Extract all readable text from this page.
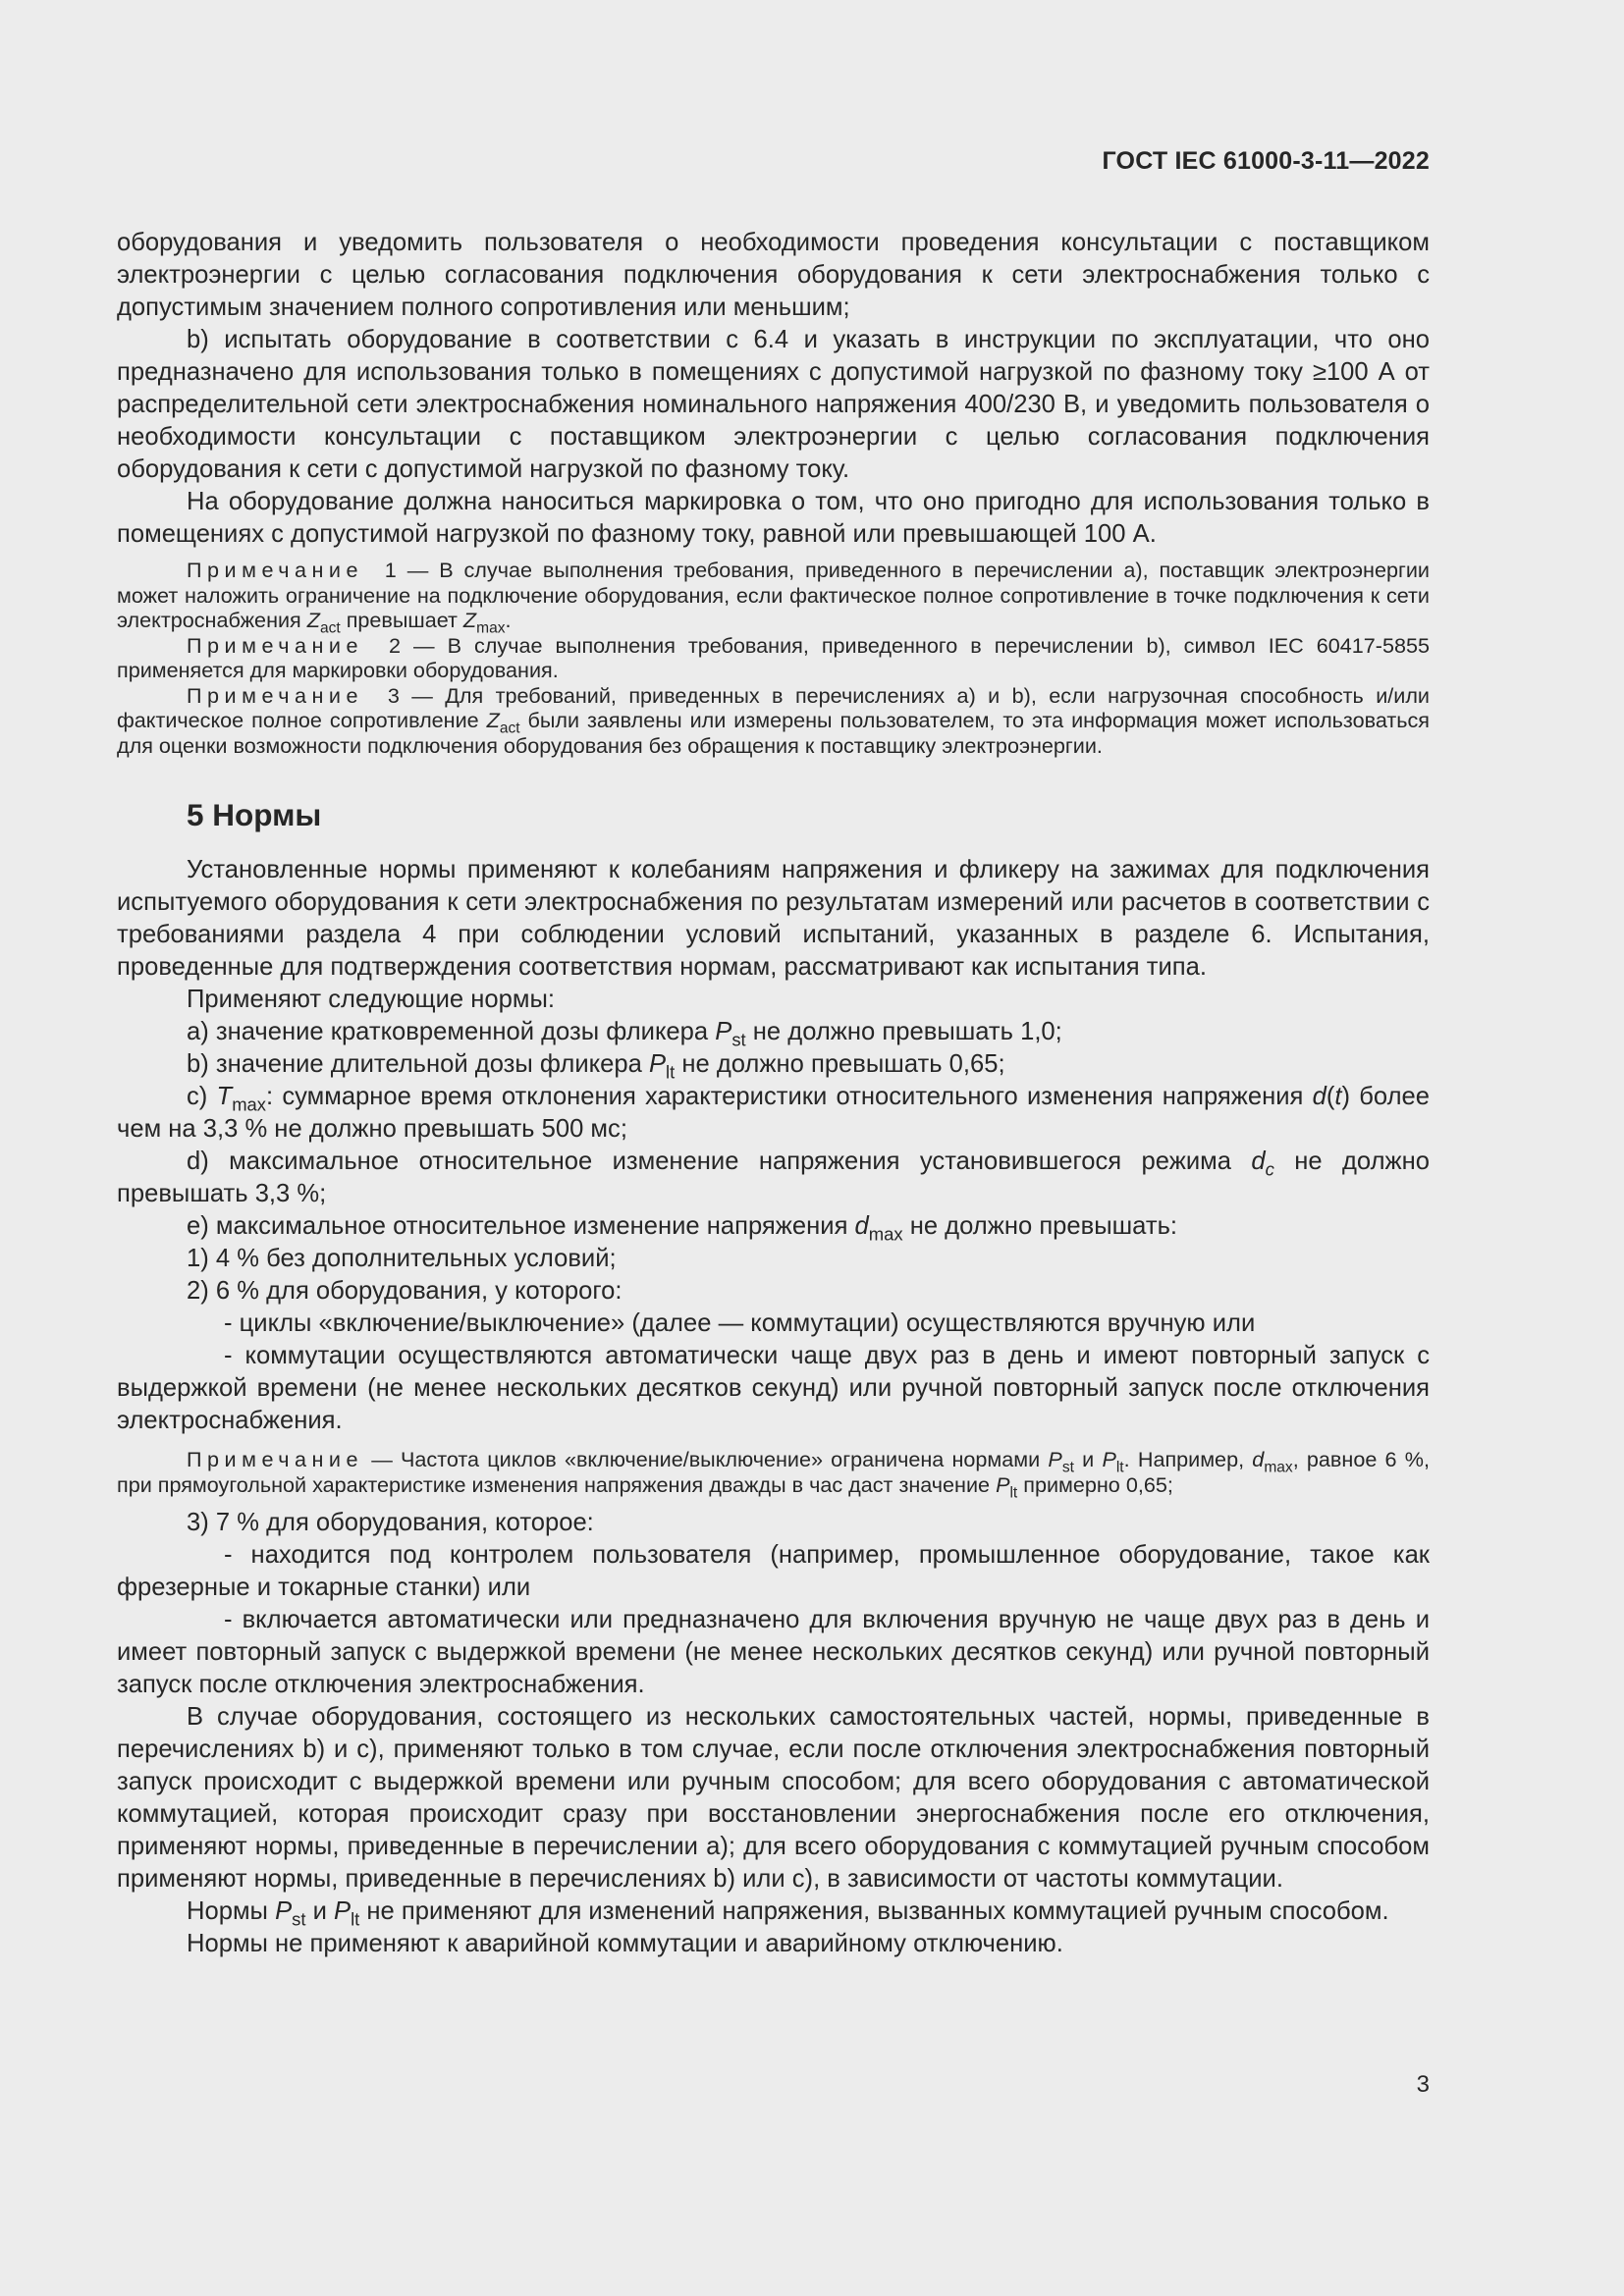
ГОСТ IEC 61000-3-11—2022

оборудования и уведомить пользователя о необходимости проведения консультации с поставщиком электроэнергии с целью согласования подключения оборудования к сети электроснабжения только с допустимым значением полного сопротивления или меньшим;

b) испытать оборудование в соответствии с 6.4 и указать в инструкции по эксплуатации, что оно предназначено для использования только в помещениях с допустимой нагрузкой по фазному току ≥100 А от распределительной сети электроснабжения номинального напряжения 400/230 В, и уведомить пользователя о необходимости консультации с поставщиком электроэнергии с целью согласования подключения оборудования к сети с допустимой нагрузкой по фазному току.

На оборудование должна наноситься маркировка о том, что оно пригодно для использования только в помещениях с допустимой нагрузкой по фазному току, равной или превышающей 100 А.

Примечание 1 — В случае выполнения требования, приведенного в перечислении а), поставщик электроэнергии может наложить ограничение на подключение оборудования, если фактическое полное сопротивление в точке подключения к сети электроснабжения $Z_{act}$ превышает $Z_{max}$.

Примечание 2 — В случае выполнения требования, приведенного в перечислении b), символ IEC 60417-5855 применяется для маркировки оборудования.

Примечание 3 — Для требований, приведенных в перечислениях а) и b), если нагрузочная способность и/или фактическое полное сопротивление $Z_{act}$ были заявлены или измерены пользователем, то эта информация может использоваться для оценки возможности подключения оборудования без обращения к поставщику электроэнергии.

5 Нормы

Установленные нормы применяют к колебаниям напряжения и фликеру на зажимах для подключения испытуемого оборудования к сети электроснабжения по результатам измерений или расчетов в соответствии с требованиями раздела 4 при соблюдении условий испытаний, указанных в разделе 6. Испытания, проведенные для подтверждения соответствия нормам, рассматривают как испытания типа.

Применяют следующие нормы:

а) значение кратковременной дозы фликера $P_{st}$ не должно превышать 1,0;

b) значение длительной дозы фликера $P_{lt}$ не должно превышать 0,65;

c) $T_{max}$: суммарное время отклонения характеристики относительного изменения напряжения d(t) более чем на 3,3 % не должно превышать 500 мс;

d) максимальное относительное изменение напряжения установившегося режима $d_c$ не должно превышать 3,3 %;

e) максимальное относительное изменение напряжения $d_{max}$ не должно превышать:

1) 4 % без дополнительных условий;

2) 6 % для оборудования, у которого:

- циклы «включение/выключение» (далее — коммутации) осуществляются вручную или

- коммутации осуществляются автоматически чаще двух раз в день и имеют повторный запуск с выдержкой времени (не менее нескольких десятков секунд) или ручной повторный запуск после отключения электроснабжения.

Примечание — Частота циклов «включение/выключение» ограничена нормами $P_{st}$ и $P_{lt}$. Например, $d_{max}$, равное 6 %, при прямоугольной характеристике изменения напряжения дважды в час даст значение $P_{lt}$ примерно 0,65;

3) 7 % для оборудования, которое:

- находится под контролем пользователя (например, промышленное оборудование, такое как фрезерные и токарные станки) или

- включается автоматически или предназначено для включения вручную не чаще двух раз в день и имеет повторный запуск с выдержкой времени (не менее нескольких десятков секунд) или ручной повторный запуск после отключения электроснабжения.

В случае оборудования, состоящего из нескольких самостоятельных частей, нормы, приведенные в перечислениях b) и c), применяют только в том случае, если после отключения электроснабжения повторный запуск происходит с выдержкой времени или ручным способом; для всего оборудования с автоматической коммутацией, которая происходит сразу при восстановлении энергоснабжения после его отключения, применяют нормы, приведенные в перечислении а); для всего оборудования с коммутацией ручным способом применяют нормы, приведенные в перечислениях b) или c), в зависимости от частоты коммутации.

Нормы $P_{st}$ и $P_{lt}$ не применяют для изменений напряжения, вызванных коммутацией ручным способом.

Нормы не применяют к аварийной коммутации и аварийному отключению.

3
